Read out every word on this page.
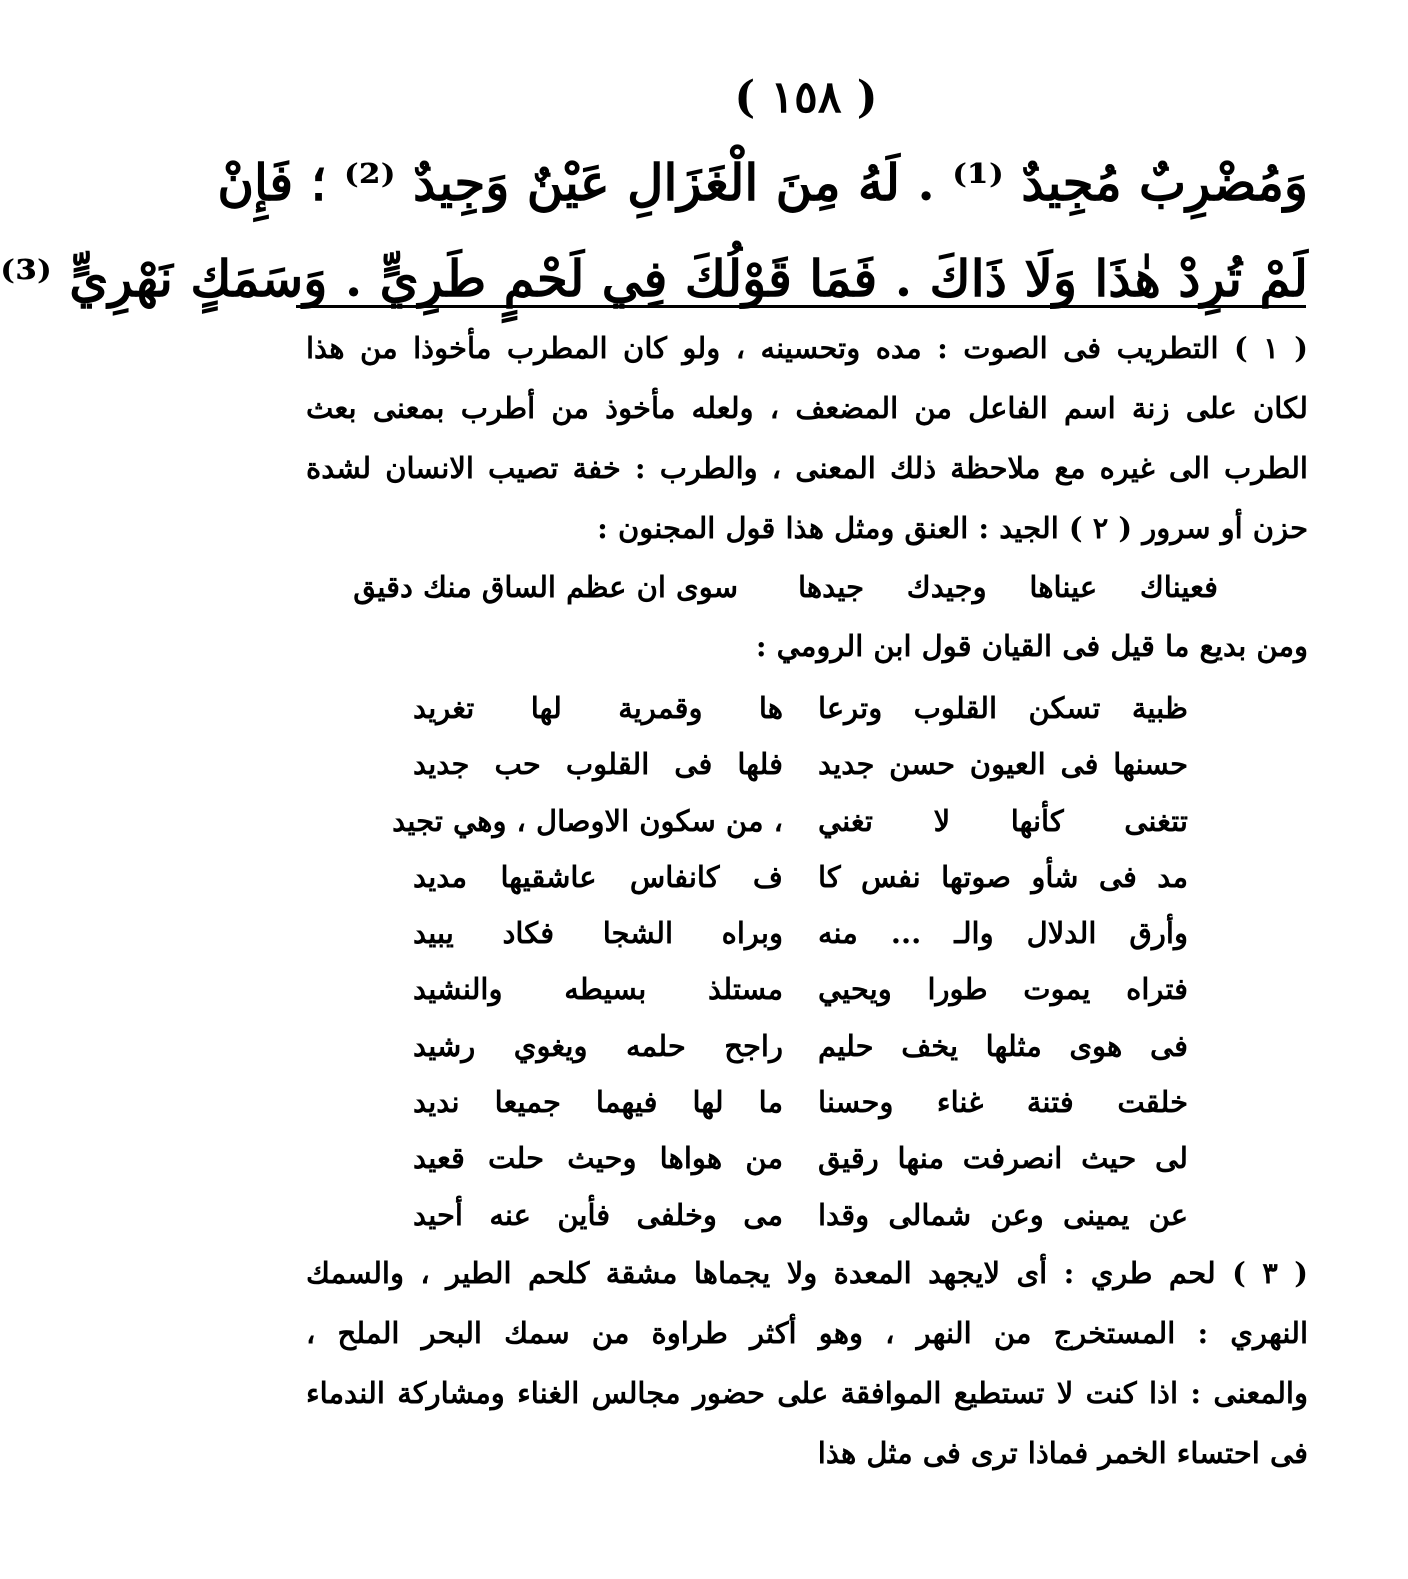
( ١٥٨ )
وَمُضْرِبٌ مُجِيدٌ ⁽¹⁾ . لَهُ مِنَ الْغَزَالِ عَيْنٌ وَجِيدٌ ⁽²⁾ ؛ فَإِنْ
لَمْ تُرِدْ هٰذَا وَلَا ذَاكَ . فَمَا قَوْلُكَ فِي لَحْمٍ طَرِيٍّ . وَسَمَكٍ نَهْرِيٍّ ⁽³⁾
( ١ ) التطريب فى الصوت : مده وتحسينه ، ولو كان المطرب مأخوذا من هذا
لكان على زنة اسم الفاعل من المضعف ، ولعله مأخوذ من أطرب بمعنى بعث
الطرب الى غيره مع ملاحظة ذلك المعنى ، والطرب : خفة تصيب الانسان لشدة
حزن أو سرور ( ٢ ) الجيد : العنق ومثل هذا قول المجنون :
فعيناك عيناها وجيدك جيدها
سوى ان عظم الساق منك دقيق
ومن بديع ما قيل فى القيان قول ابن الرومي :
ظبية تسكن القلوب وترعا
ها وقمرية لها تغريد
حسنها فى العيون حسن جديد
فلها فى القلوب حب جديد
تتغنى كأنها لا تغني
، من سكون الاوصال ، وهي تجيد
مد فى شأو صوتها نفس كا
ف كانفاس عاشقيها مديد
وأرق الدلال والـ ... منه
وبراه الشجا فكاد يبيد
فتراه يموت طورا ويحيي
مستلذ بسيطه والنشيد
فى هوى مثلها يخف حليم
راجح حلمه ويغوي رشيد
خلقت فتنة غناء وحسنا
ما لها فيهما جميعا نديد
لى حيث انصرفت منها رقيق
من هواها وحيث حلت قعيد
عن يمينى وعن شمالى وقدا
مى وخلفى فأين عنه أحيد
( ٣ ) لحم طري : أى لايجهد المعدة ولا يجماها مشقة كلحم الطير ، والسمك
النهري : المستخرج من النهر ، وهو أكثر طراوة من سمك البحر الملح ،
والمعنى : اذا كنت لا تستطيع الموافقة على حضور مجالس الغناء ومشاركة الندماء
فى احتساء الخمر فماذا ترى فى مثل هذا
